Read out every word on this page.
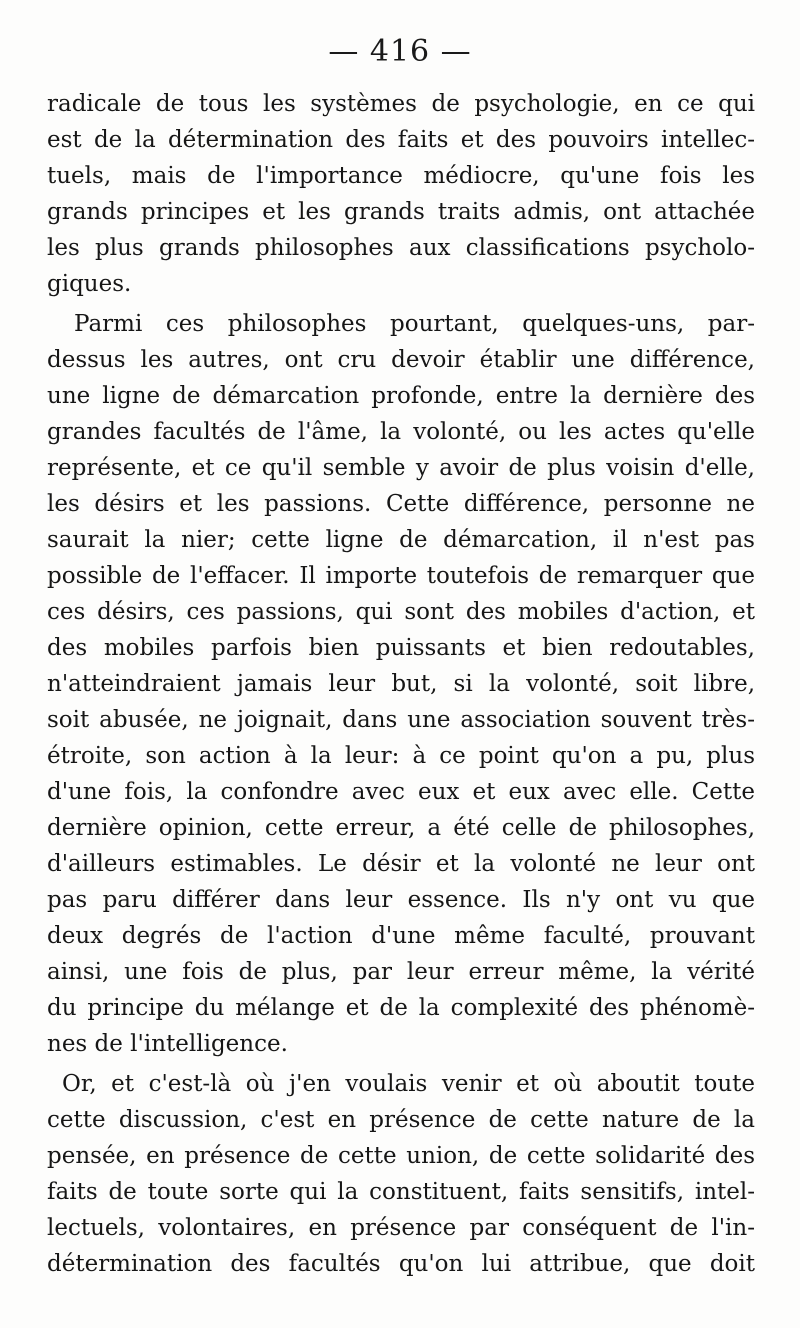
— 416 —
radicale de tous les systèmes de psychologie, en ce qui
est de la détermination des faits et des pouvoirs intellec-
tuels, mais de l'importance médiocre, qu'une fois les
grands principes et les grands traits admis, ont attachée
les plus grands philosophes aux classifications psycholo-
giques.
Parmi ces philosophes pourtant, quelques-uns, par-
dessus les autres, ont cru devoir établir une différence,
une ligne de démarcation profonde, entre la dernière des
grandes facultés de l'âme, la volonté, ou les actes qu'elle
représente, et ce qu'il semble y avoir de plus voisin d'elle,
les désirs et les passions. Cette différence, personne ne
saurait la nier; cette ligne de démarcation, il n'est pas
possible de l'effacer. Il importe toutefois de remarquer que
ces désirs, ces passions, qui sont des mobiles d'action, et
des mobiles parfois bien puissants et bien redoutables,
n'atteindraient jamais leur but, si la volonté, soit libre,
soit abusée, ne joignait, dans une association souvent très-
étroite, son action à la leur: à ce point qu'on a pu, plus
d'une fois, la confondre avec eux et eux avec elle. Cette
dernière opinion, cette erreur, a été celle de philosophes,
d'ailleurs estimables. Le désir et la volonté ne leur ont
pas paru différer dans leur essence. Ils n'y ont vu que
deux degrés de l'action d'une même faculté, prouvant
ainsi, une fois de plus, par leur erreur même, la vérité
du principe du mélange et de la complexité des phénomè-
nes de l'intelligence.
Or, et c'est-là où j'en voulais venir et où aboutit toute
cette discussion, c'est en présence de cette nature de la
pensée, en présence de cette union, de cette solidarité des
faits de toute sorte qui la constituent, faits sensitifs, intel-
lectuels, volontaires, en présence par conséquent de l'in-
détermination des facultés qu'on lui attribue, que doit
